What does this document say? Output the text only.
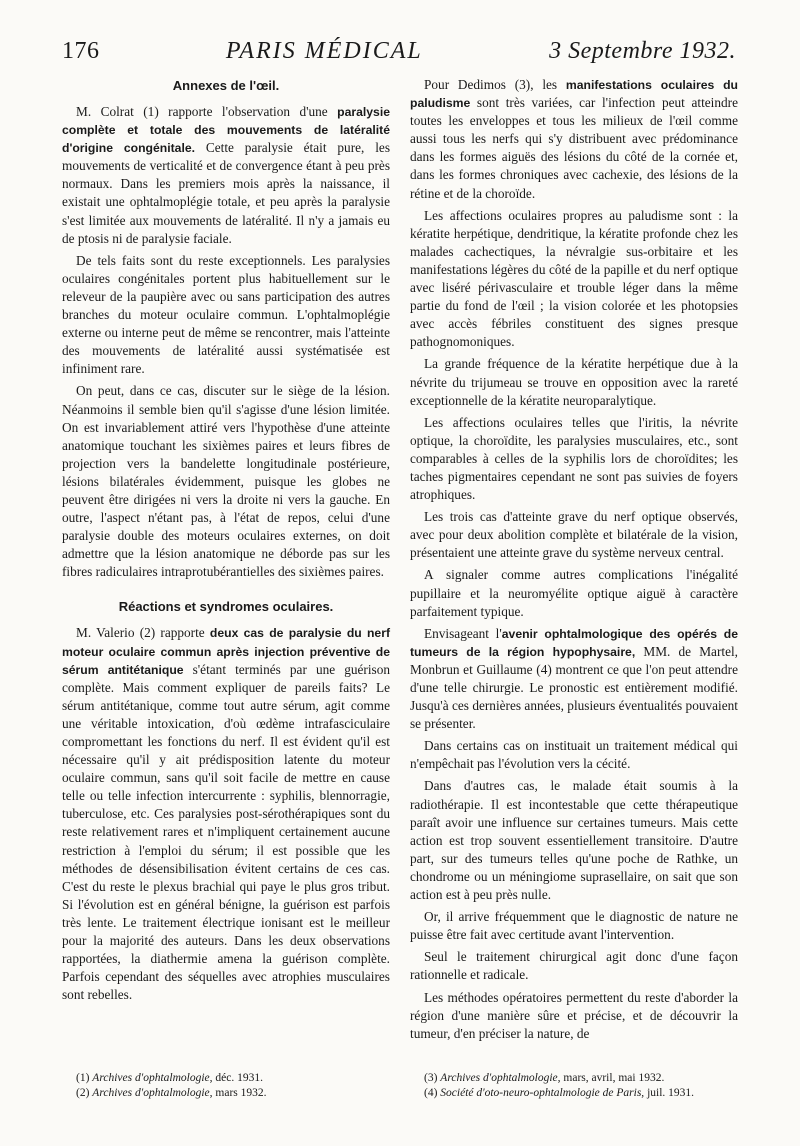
176	PARIS MÉDICAL	3 Septembre 1932.
Annexes de l'œil.

M. Colrat (1) rapporte l'observation d'une paralysie complète et totale des mouvements de latéralité d'origine congénitale. Cette paralysie était pure, les mouvements de verticalité et de convergence étant à peu près normaux. Dans les premiers mois après la naissance, il existait une ophtalmoplégie totale, et peu après la paralysie s'est limitée aux mouvements de latéralité. Il n'y a jamais eu de ptosis ni de paralysie faciale.

De tels faits sont du reste exceptionnels. Les paralysies oculaires congénitales portent plus habituellement sur le releveur de la paupière avec ou sans participation des autres branches du moteur oculaire commun. L'ophtalmoplégie externe ou interne peut de même se rencontrer, mais l'atteinte des mouvements de latéralité aussi systématisée est infiniment rare.

On peut, dans ce cas, discuter sur le siège de la lésion. Néanmoins il semble bien qu'il s'agisse d'une lésion limitée. On est invariablement attiré vers l'hypothèse d'une atteinte anatomique touchant les sixièmes paires et leurs fibres de projection vers la bandelette longitudinale postérieure, lésions bilatérales évidemment, puisque les globes ne peuvent être dirigées ni vers la droite ni vers la gauche. En outre, l'aspect n'étant pas, à l'état de repos, celui d'une paralysie double des moteurs oculaires externes, on doit admettre que la lésion anatomique ne déborde pas sur les fibres radiculaires intraprotubérantielles des sixièmes paires.

Réactions et syndromes oculaires.

M. Valerio (2) rapporte deux cas de paralysie du nerf moteur oculaire commun après injection préventive de sérum antitétanique s'étant terminés par une guérison complète. Mais comment expliquer de pareils faits? Le sérum antitétanique, comme tout autre sérum, agit comme une véritable intoxication, d'où œdème intrafasciculaire compromettant les fonctions du nerf. Il est évident qu'il est nécessaire qu'il y ait prédisposition latente du moteur oculaire commun, sans qu'il soit facile de mettre en cause telle ou telle infection intercurrente : syphilis, blennorragie, tuberculose, etc. Ces paralysies post-sérothérapiques sont du reste relativement rares et n'impliquent certainement aucune restriction à l'emploi du sérum; il est possible que les méthodes de désensibilisation évitent certains de ces cas. C'est du reste le plexus brachial qui paye le plus gros tribut. Si l'évolution est en général bénigne, la guérison est parfois très lente. Le traitement électrique ionisant est le meilleur pour la majorité des auteurs. Dans les deux observations rapportées, la diathermie amena la guérison complète. Parfois cependant des séquelles avec atrophies musculaires sont rebelles.

Pour Dedimos (3), les manifestations oculaires du paludisme sont très variées, car l'infection peut atteindre toutes les enveloppes et tous les milieux de l'œil comme aussi tous les nerfs qui s'y distribuent avec prédominance dans les formes aiguës des lésions du côté de la cornée et, dans les formes chroniques avec cachexie, des lésions de la rétine et de la choroïde.

Les affections oculaires propres au paludisme sont : la kératite herpétique, dendritique, la kératite profonde chez les malades cachectiques, la névralgie sus-orbitaire et les manifestations légères du côté de la papille et du nerf optique avec liséré périvasculaire et trouble léger dans la même partie du fond de l'œil ; la vision colorée et les photopsies avec accès fébriles constituent des signes presque pathognomoniques.

La grande fréquence de la kératite herpétique due à la névrite du trijumeau se trouve en opposition avec la rareté exceptionnelle de la kératite neuroparalytique.

Les affections oculaires telles que l'iritis, la névrite optique, la choroïdite, les paralysies musculaires, etc., sont comparables à celles de la syphilis lors de choroïdites; les taches pigmentaires cependant ne sont pas suivies de foyers atrophiques.

Les trois cas d'atteinte grave du nerf optique observés, avec pour deux abolition complète et bilatérale de la vision, présentaient une atteinte grave du système nerveux central.

A signaler comme autres complications l'inégalité pupillaire et la neuromyélite optique aiguë à caractère parfaitement typique.

Envisageant l'avenir ophtalmologique des opérés de tumeurs de la région hypophysaire, MM. de Martel, Monbrun et Guillaume (4) montrent ce que l'on peut attendre d'une telle chirurgie. Le pronostic est entièrement modifié. Jusqu'à ces dernières années, plusieurs éventualités pouvaient se présenter.

Dans certains cas on instituait un traitement médical qui n'empêchait pas l'évolution vers la cécité.

Dans d'autres cas, le malade était soumis à la radiothérapie. Il est incontestable que cette thérapeutique paraît avoir une influence sur certaines tumeurs. Mais cette action est trop souvent essentiellement transitoire. D'autre part, sur des tumeurs telles qu'une poche de Rathke, un chondrome ou un méningiome suprasellaire, on sait que son action est à peu près nulle.

Or, il arrive fréquemment que le diagnostic de nature ne puisse être fait avec certitude avant l'intervention.

Seul le traitement chirurgical agit donc d'une façon rationnelle et radicale.

Les méthodes opératoires permettent du reste d'aborder la région d'une manière sûre et précise, et de découvrir la tumeur, d'en préciser la nature, de

(1) Archives d'ophtalmologie, déc. 1931.
(2) Archives d'ophtalmologie, mars 1932.
(3) Archives d'ophtalmologie, mars, avril, mai 1932.
(4) Société d'oto-neuro-ophtalmologie de Paris, juil. 1931.
